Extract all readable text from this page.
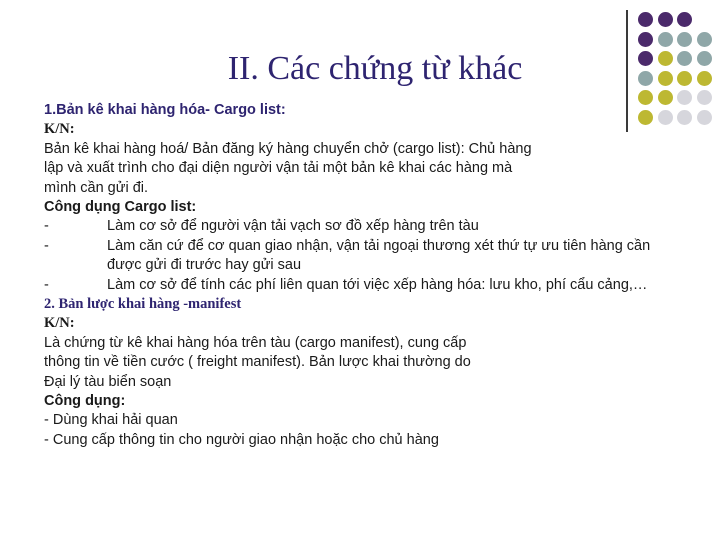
II. Các chứng từ khác
1.Bản kê khai hàng hóa- Cargo list:
K/N:
Bản kê khai hàng hoá/ Bản đăng ký hàng chuyển chở (cargo list): Chủ hàng
lập và xuất trình cho đại diện người vận tải một bản kê khai các hàng mà
mình cần gửi đi.
Công dụng Cargo list:
-	Làm cơ sở để người vận tải vạch sơ đồ xếp hàng trên tàu
-	Làm căn cứ để cơ quan giao nhận, vận tải ngoại thương xét thứ tự ưu tiên hàng cần được gửi đi trước hay gửi sau
-	Làm cơ sở để tính các phí liên quan tới việc xếp hàng hóa: lưu kho, phí cẩu cảng,…
2. Bản lược khai hàng -manifest
K/N:
Là chứng từ kê khai hàng hóa trên tàu (cargo manifest), cung cấp
thông tin về tiền cước ( freight manifest). Bản lược khai thường do
Đại lý tàu biển soạn
Công dụng:
- Dùng khai hải quan
- Cung cấp thông tin cho người giao nhận hoặc cho chủ hàng
